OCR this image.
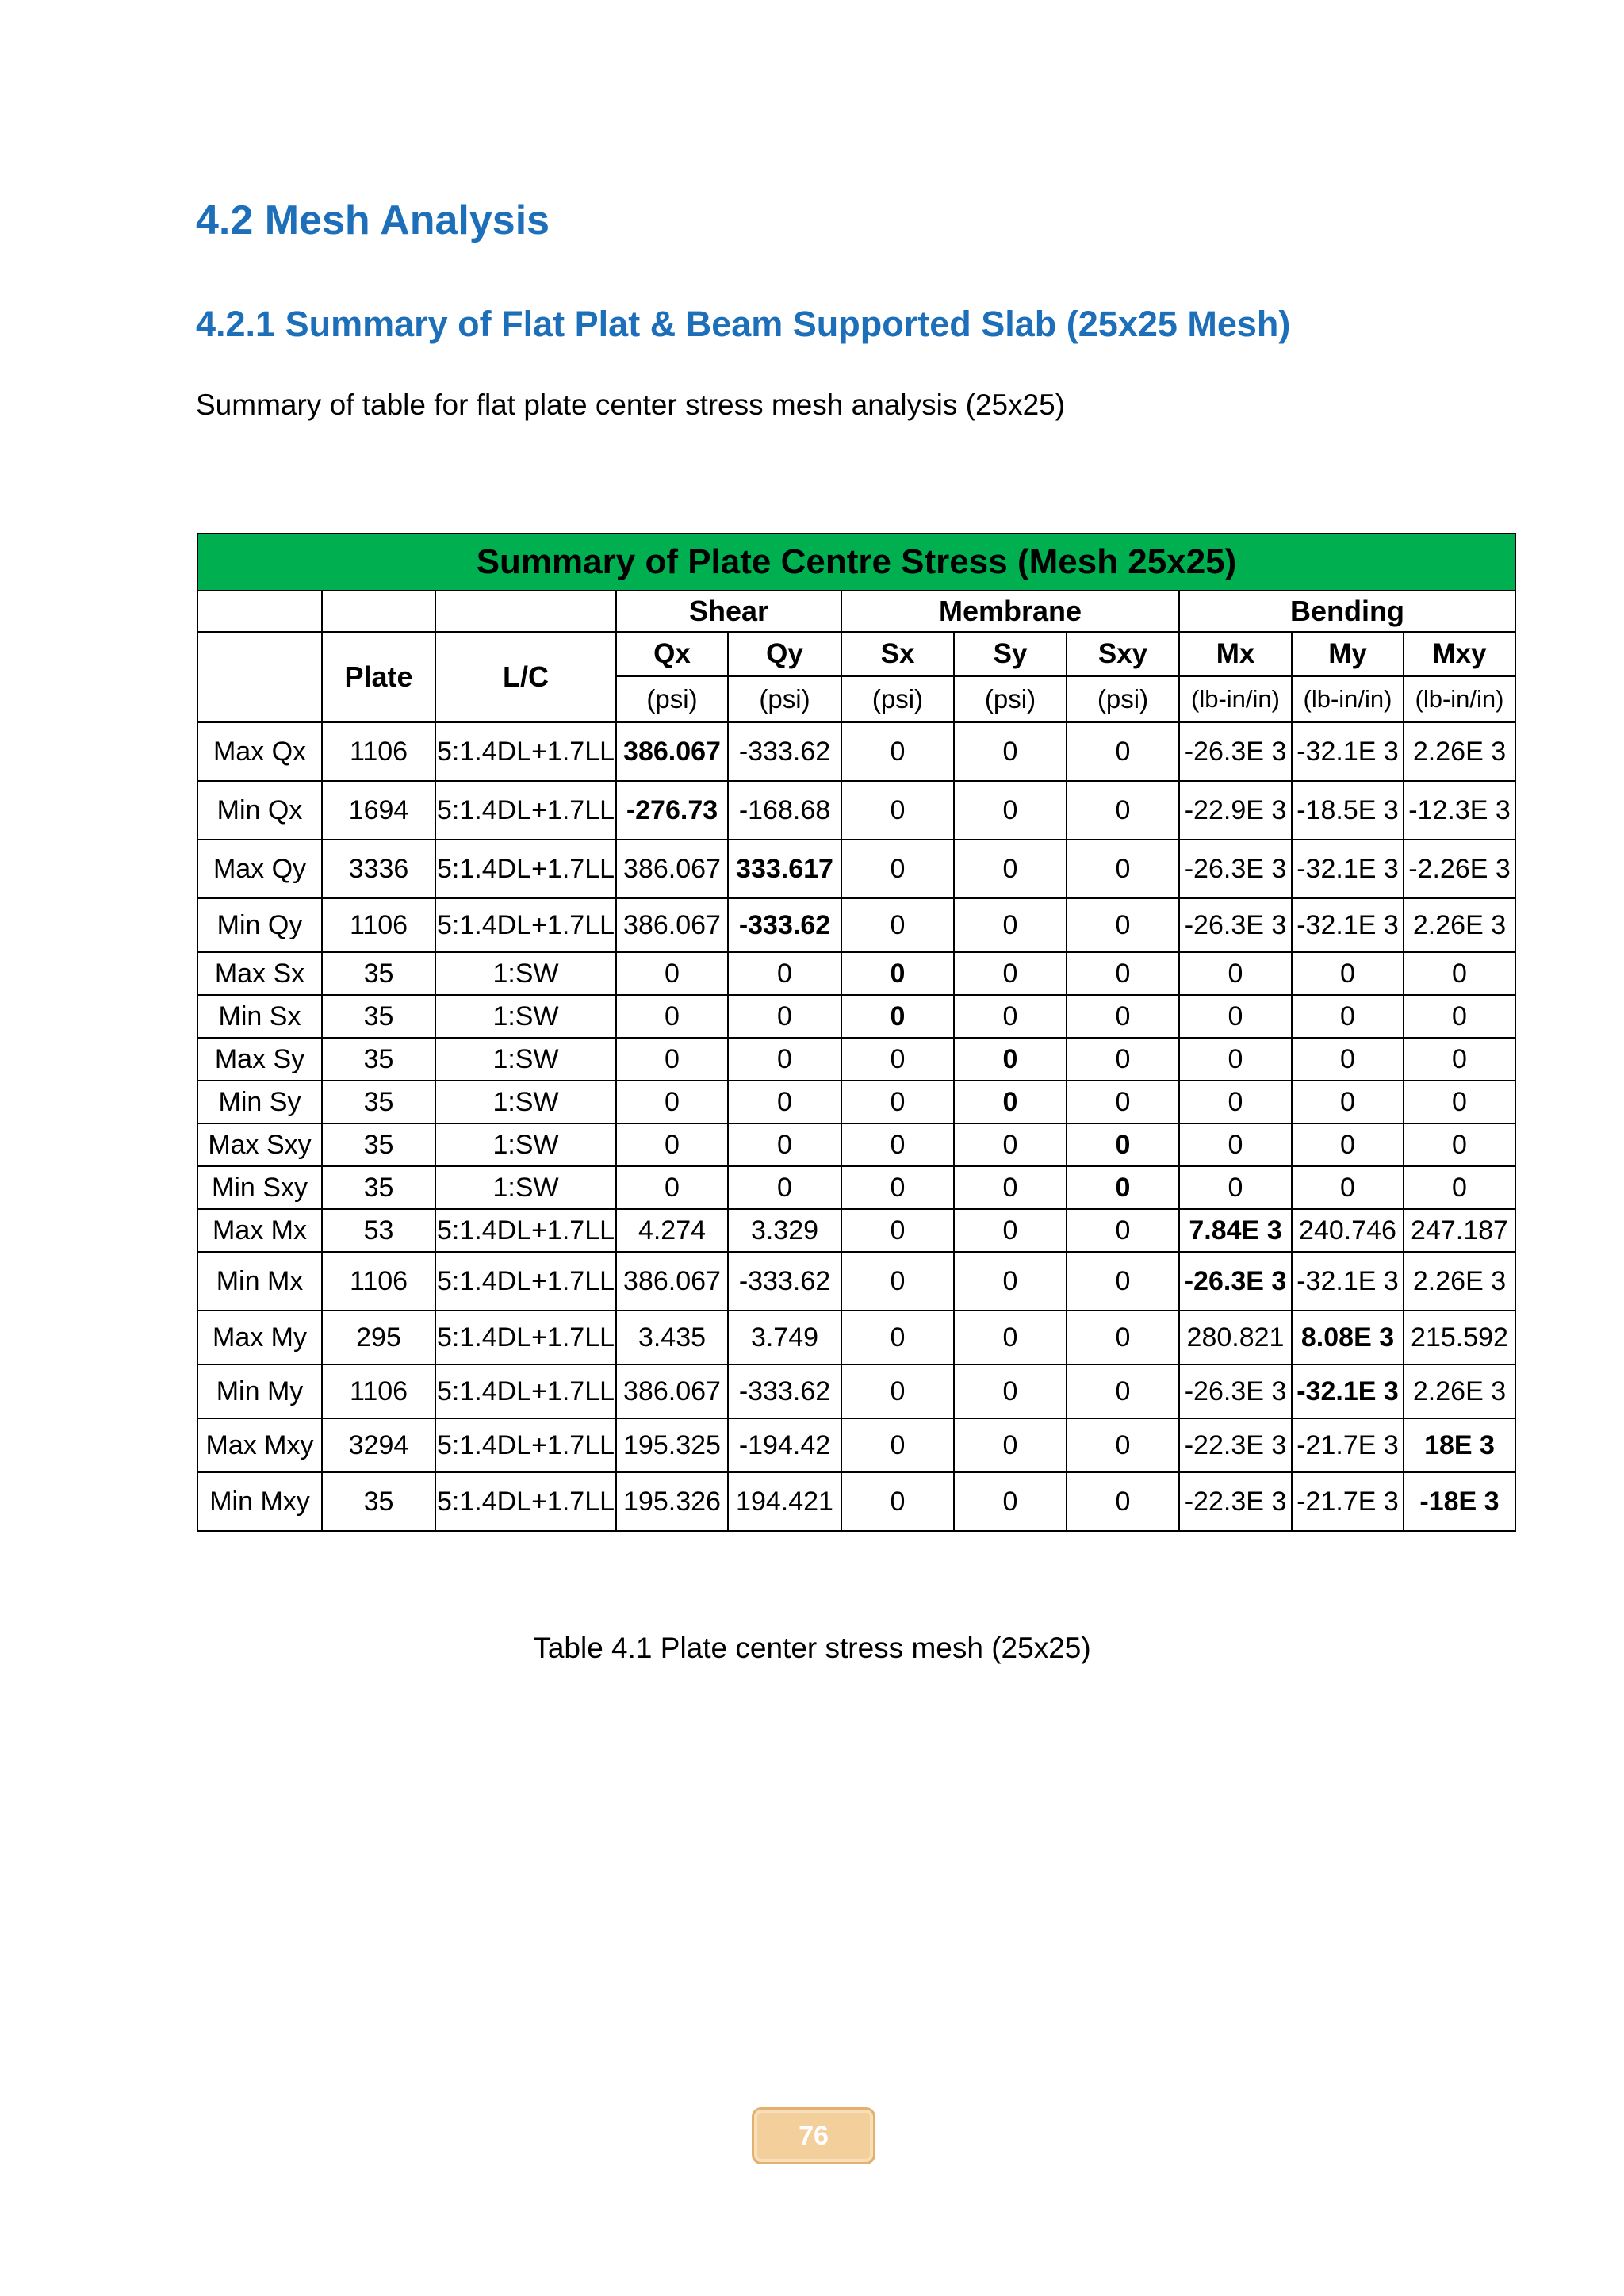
4.2 Mesh Analysis
4.2.1 Summary of Flat Plat & Beam Supported Slab (25x25 Mesh)

Summary of table for flat plate center stress mesh analysis (25x25)

Summary of Plate Centre Stress (Mesh 25x25)										
			Shear		Membrane			Bending		
	Plate	L/C	Qx	Qy	Sx	Sy	Sxy	Mx	My	Mxy
			(psi)	(psi)	(psi)	(psi)	(psi)	(lb-in/in)	(lb-in/in)	(lb-in/in)
Max Qx	1106	5:1.4DL+1.7LL	386.067	-333.62	0	0	0	-26.3E 3	-32.1E 3	2.26E 3
Min Qx	1694	5:1.4DL+1.7LL	-276.73	-168.68	0	0	0	-22.9E 3	-18.5E 3	-12.3E 3
Max Qy	3336	5:1.4DL+1.7LL	386.067	333.617	0	0	0	-26.3E 3	-32.1E 3	-2.26E 3
Min Qy	1106	5:1.4DL+1.7LL	386.067	-333.62	0	0	0	-26.3E 3	-32.1E 3	2.26E 3
Max Sx	35	1:SW	0	0	0	0	0	0	0	0
Min Sx	35	1:SW	0	0	0	0	0	0	0	0
Max Sy	35	1:SW	0	0	0	0	0	0	0	0
Min Sy	35	1:SW	0	0	0	0	0	0	0	0
Max Sxy	35	1:SW	0	0	0	0	0	0	0	0
Min Sxy	35	1:SW	0	0	0	0	0	0	0	0
Max Mx	53	5:1.4DL+1.7LL	4.274	3.329	0	0	0	7.84E 3	240.746	247.187
Min Mx	1106	5:1.4DL+1.7LL	386.067	-333.62	0	0	0	-26.3E 3	-32.1E 3	2.26E 3
Max My	295	5:1.4DL+1.7LL	3.435	3.749	0	0	0	280.821	8.08E 3	215.592
Min My	1106	5:1.4DL+1.7LL	386.067	-333.62	0	0	0	-26.3E 3	-32.1E 3	2.26E 3
Max Mxy	3294	5:1.4DL+1.7LL	195.325	-194.42	0	0	0	-22.3E 3	-21.7E 3	18E 3
Min Mxy	35	5:1.4DL+1.7LL	195.326	194.421	0	0	0	-22.3E 3	-21.7E 3	-18E 3

Table 4.1 Plate center stress mesh (25x25)

76
